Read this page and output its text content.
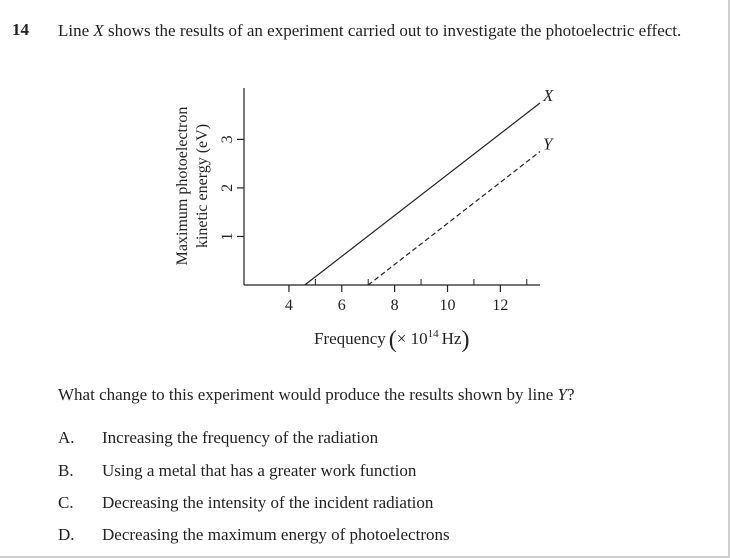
14 Line X shows the results of an experiment carried out to investigate the photoelectric effect.
Maximum photoelectron kinetic energy (eV) 1
2
3
4	6	8	10 12
X
Y
Frequency (× $10^{14}$ Hz)
What change to this experiment would produce the results shown by line Y?
A. Increasing the frequency of the radiation
B. Using a metal that has a greater work function
C. Decreasing the intensity of the incident radiation
D. Decreasing the maximum energy of photoelectrons
